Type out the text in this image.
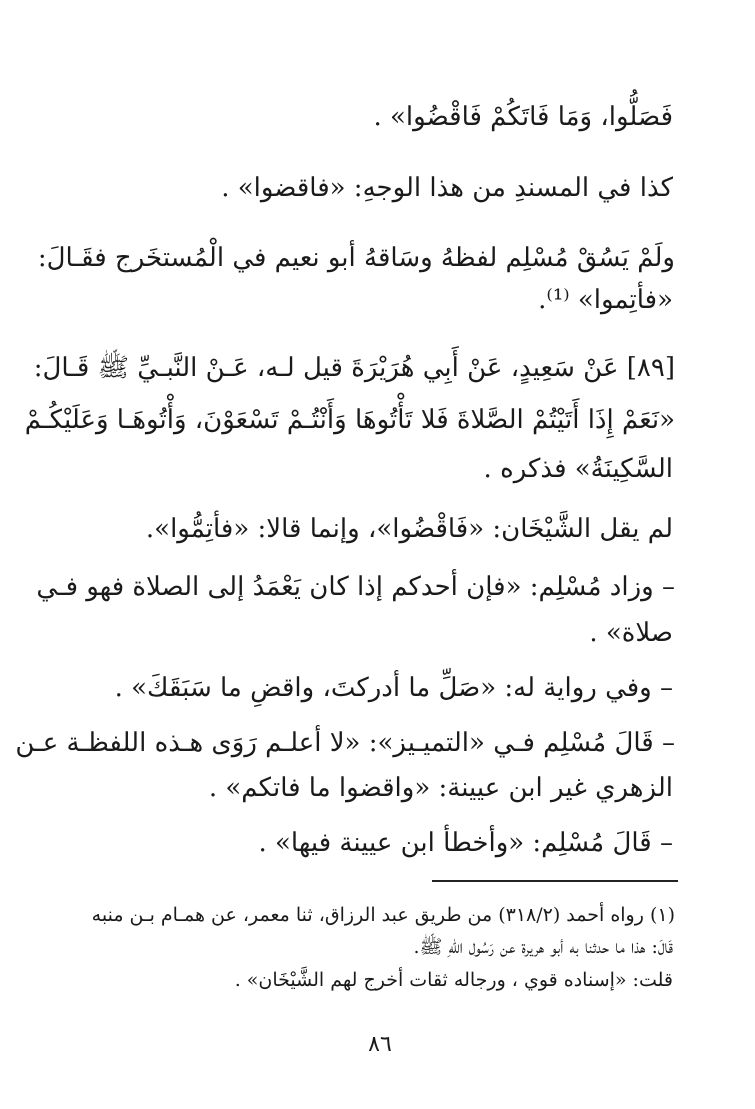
فَصَلُّوا، وَمَا فَاتَكُمْ فَاقْضُوا» .
كذا في المسندِ من هذا الوجهِ: «فاقضوا» .
ولَمْ يَسُقْ مُسْلِم لفظهُ وسَاقهُ أبو نعيم في الْمُستخَرج فقَـالَ:
«فأتِموا» ⁽¹⁾.
[٨٩] عَنْ سَعِيدٍ، عَنْ أَبِي هُرَيْرَةَ قيل لـه، عَـنْ النَّبـيِّ ﷺ قَـالَ:
«نَعَمْ إِذَا أَتَيْتُمْ الصَّلاةَ فَلا تَأْتُوهَا وَأَنْتُـمْ تَسْعَوْنَ، وَأْتُوهَـا وَعَلَيْكُـمْ
السَّكِينَةُ» فذكره .
لم يقل الشَّيْخَان: «فَاقْضُوا»، وإنما قالا: «فأتِمُّوا».
– وزاد مُسْلِم: «فإن أحدكم إذا كان يَعْمَدُ إلى الصلاة فهو فـي
صلاة» .
– وفي رواية له: «صَلِّ ما أدركتَ، واقضِ ما سَبَقَكَ» .
– قَالَ مُسْلِم فـي «التميـيز»: «لا أعلـم رَوَى هـذه اللفظـة عـن
الزهري غير ابن عيينة: «واقضوا ما فاتكم» .
– قَالَ مُسْلِم: «وأخطأ ابن عيينة فيها» .
(١) رواه أحمد (٣١٨/٢) من طريق عبد الرزاق، ثنا معمر، عن همـام بـن منبه
قَالَ: هذا ما حدثنا به أبو هريرة عن رَسُول اللهِ ﷺ.
قلت: «إسناده قوي ، ورجاله ثقات أخرج لهم الشَّيْخَان» .
٨٦
